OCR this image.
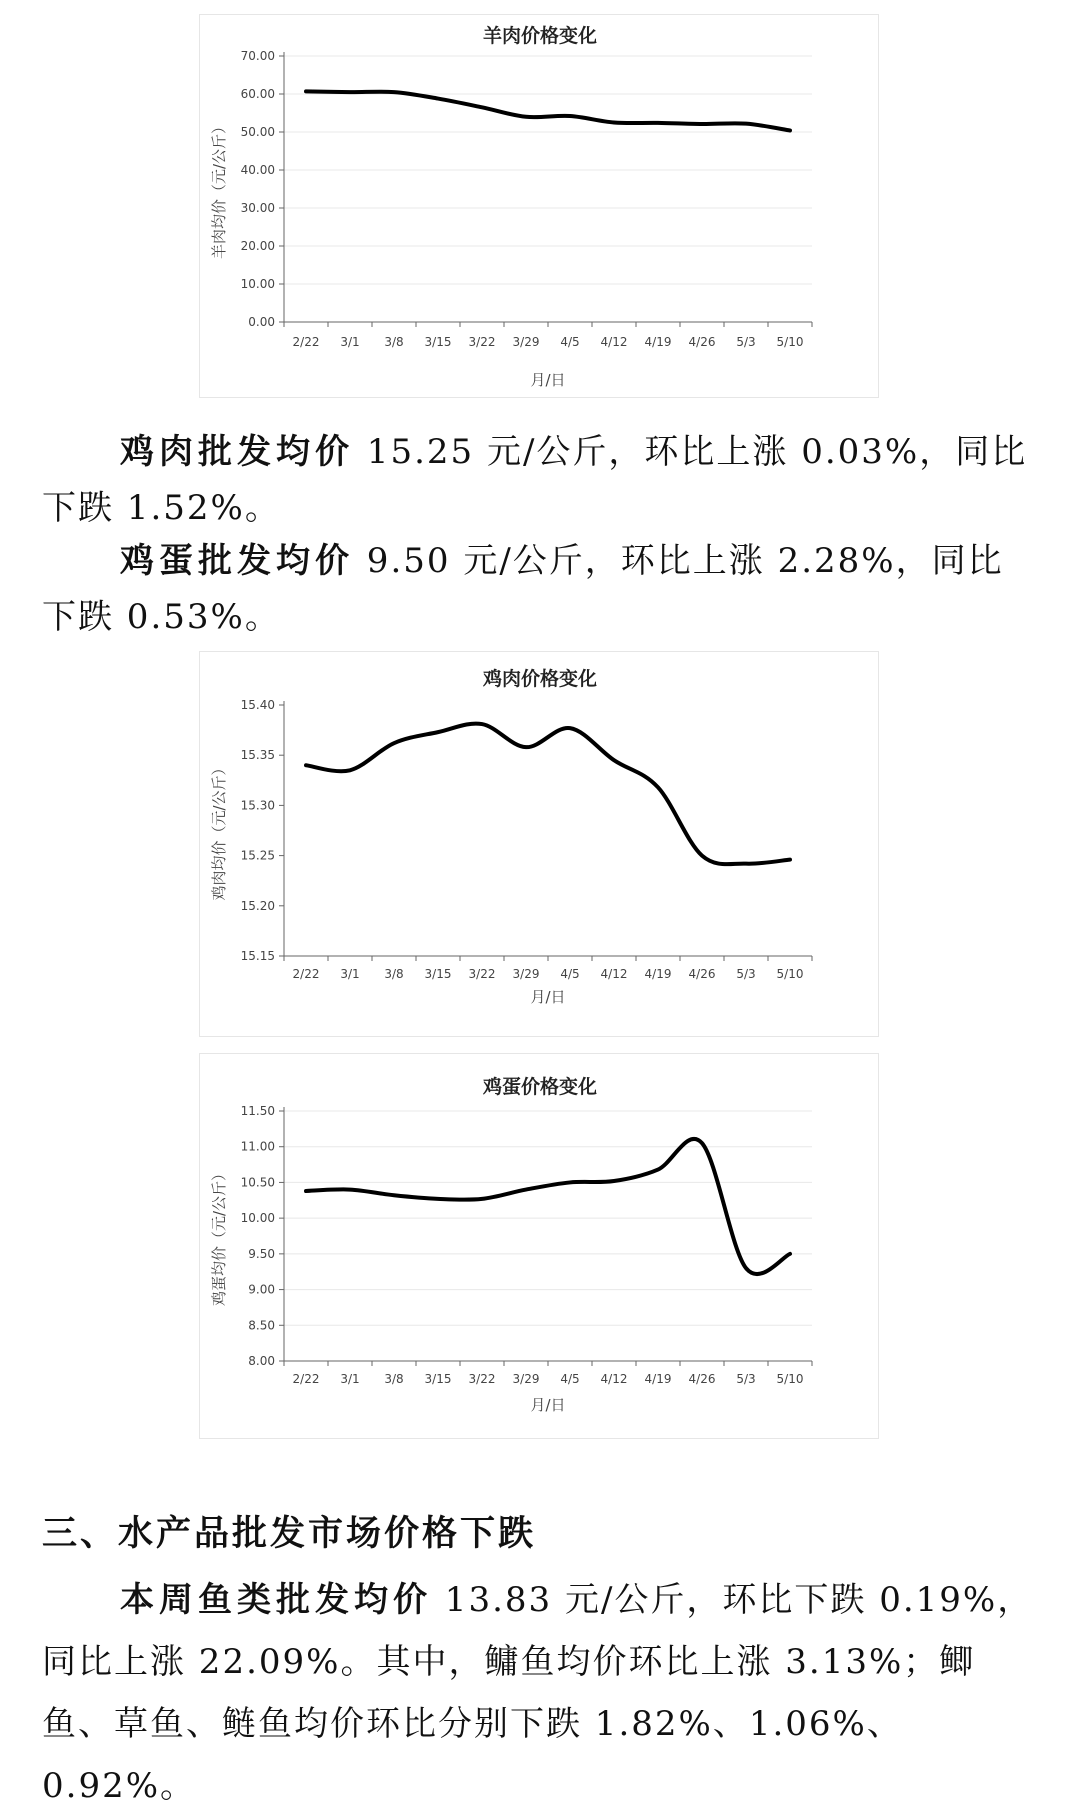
羊肉价格变化
0.00
10.00
20.00
30.00
40.00
50.00
60.00
70.00
2/22 3/1 3/8 3/15 3/22 3/29 4/5 4/12 4/19 4/26 5/3 5/10
月/日
羊肉均价（元/公斤）

鸡肉批发均价 15.25 元/公斤，环比上涨 0.03%，同比下跌 1.52%。

鸡蛋批发均价 9.50 元/公斤，环比上涨 2.28%，同比下跌 0.53%。

鸡肉价格变化
15.15
15.20
15.25
15.30
15.35
15.40
2/22 3/1 3/8 3/15 3/22 3/29 4/5 4/12 4/19 4/26 5/3 5/10
月/日
鸡肉均价（元/公斤）
鸡蛋价格变化
8.00
8.50
9.00
9.50
10.00
10.50
11.00
11.50
2/22 3/1 3/8 3/15 3/22 3/29 4/5 4/12 4/19 4/26 5/3 5/10
月/日
鸡蛋均价（元/公斤）
三、水产品批发市场价格下跌

本周鱼类批发均价 13.83 元/公斤，环比下跌 0.19%，同比上涨 22.09%。其中，鳙鱼均价环比上涨 3.13%；鲫鱼、草鱼、鲢鱼均价环比分别下跌 1.82%、1.06%、0.92%。
